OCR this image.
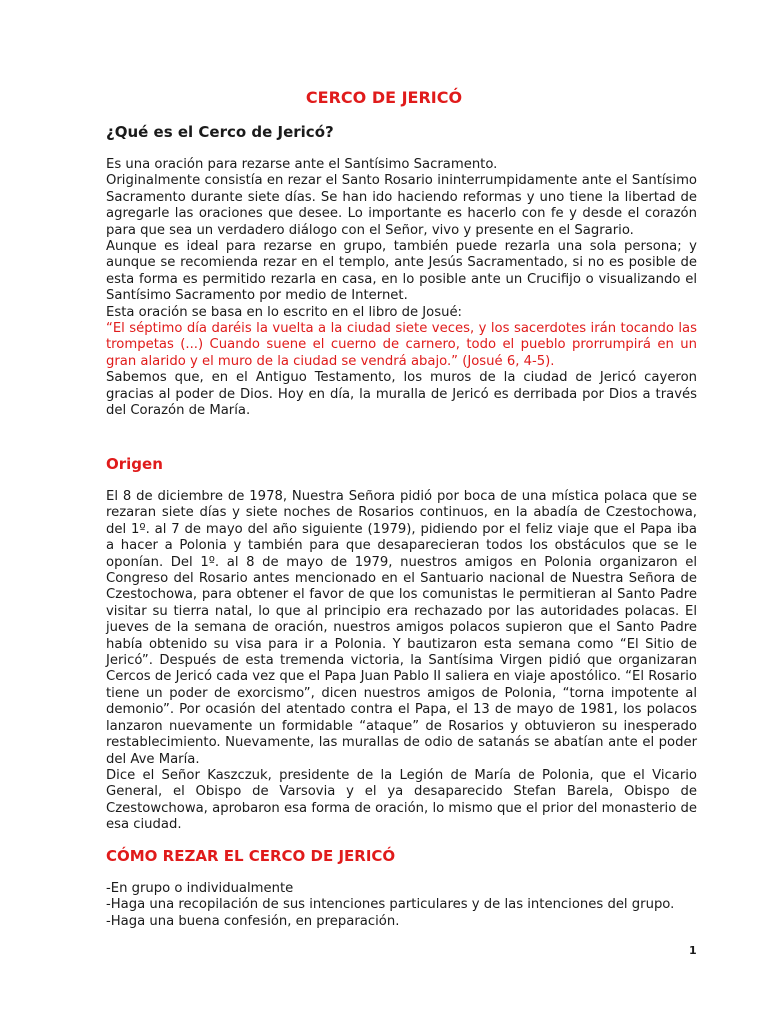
CERCO DE JERICÓ
¿Qué es el Cerco de Jericó?

Es una oración para rezarse ante el Santísimo Sacramento.

Originalmente consistía en rezar el Santo Rosario ininterrumpidamente ante el Santísimo Sacramento durante siete días. Se han ido haciendo reformas y uno tiene la libertad de agregarle las oraciones que desee. Lo importante es hacerlo con fe y desde el corazón para que sea un verdadero diálogo con el Señor, vivo y presente en el Sagrario.

Aunque es ideal para rezarse en grupo, también puede rezarla una sola persona; y aunque se recomienda rezar en el templo, ante Jesús Sacramentado, si no es posible de esta forma es permitido rezarla en casa, en lo posible ante un Crucifijo o visualizando el Santísimo Sacramento por medio de Internet.

Esta oración se basa en lo escrito en el libro de Josué:

“El séptimo día daréis la vuelta a la ciudad siete veces, y los sacerdotes irán tocando las trompetas (...) Cuando suene el cuerno de carnero, todo el pueblo prorrumpirá en un gran alarido y el muro de la ciudad se vendrá abajo.” (Josué 6, 4-5).

Sabemos que, en el Antiguo Testamento, los muros de la ciudad de Jericó cayeron gracias al poder de Dios. Hoy en día, la muralla de Jericó es derribada por Dios a través del Corazón de María.

Origen

El 8 de diciembre de 1978, Nuestra Señora pidió por boca de una mística polaca que se rezaran siete días y siete noches de Rosarios continuos, en la abadía de Czestochowa, del 1º. al 7 de mayo del año siguiente (1979), pidiendo por el feliz viaje que el Papa iba a hacer a Polonia y también para que desaparecieran todos los obstáculos que se le oponían. Del 1º. al 8 de mayo de 1979, nuestros amigos en Polonia organizaron el Congreso del Rosario antes mencionado en el Santuario nacional de Nuestra Señora de Czestochowa, para obtener el favor de que los comunistas le permitieran al Santo Padre visitar su tierra natal, lo que al principio era rechazado por las autoridades polacas. El jueves de la semana de oración, nuestros amigos polacos supieron que el Santo Padre había obtenido su visa para ir a Polonia. Y bautizaron esta semana como “El Sitio de Jericó”. Después de esta tremenda victoria, la Santísima Virgen pidió que organizaran Cercos de Jericó cada vez que el Papa Juan Pablo II saliera en viaje apostólico. “El Rosario tiene un poder de exorcismo”, dicen nuestros amigos de Polonia, “torna impotente al demonio”. Por ocasión del atentado contra el Papa, el 13 de mayo de 1981, los polacos lanzaron nuevamente un formidable “ataque” de Rosarios y obtuvieron su inesperado restablecimiento. Nuevamente, las murallas de odio de satanás se abatían ante el poder del Ave María.

Dice el Señor Kaszczuk, presidente de la Legión de María de Polonia, que el Vicario General, el Obispo de Varsovia y el ya desaparecido Stefan Barela, Obispo de Czestowchowa, aprobaron esa forma de oración, lo mismo que el prior del monasterio de esa ciudad.

CÓMO REZAR EL CERCO DE JERICÓ

-En grupo o individualmente

-Haga una recopilación de sus intenciones particulares y de las intenciones del grupo.

-Haga una buena confesión, en preparación.

1
